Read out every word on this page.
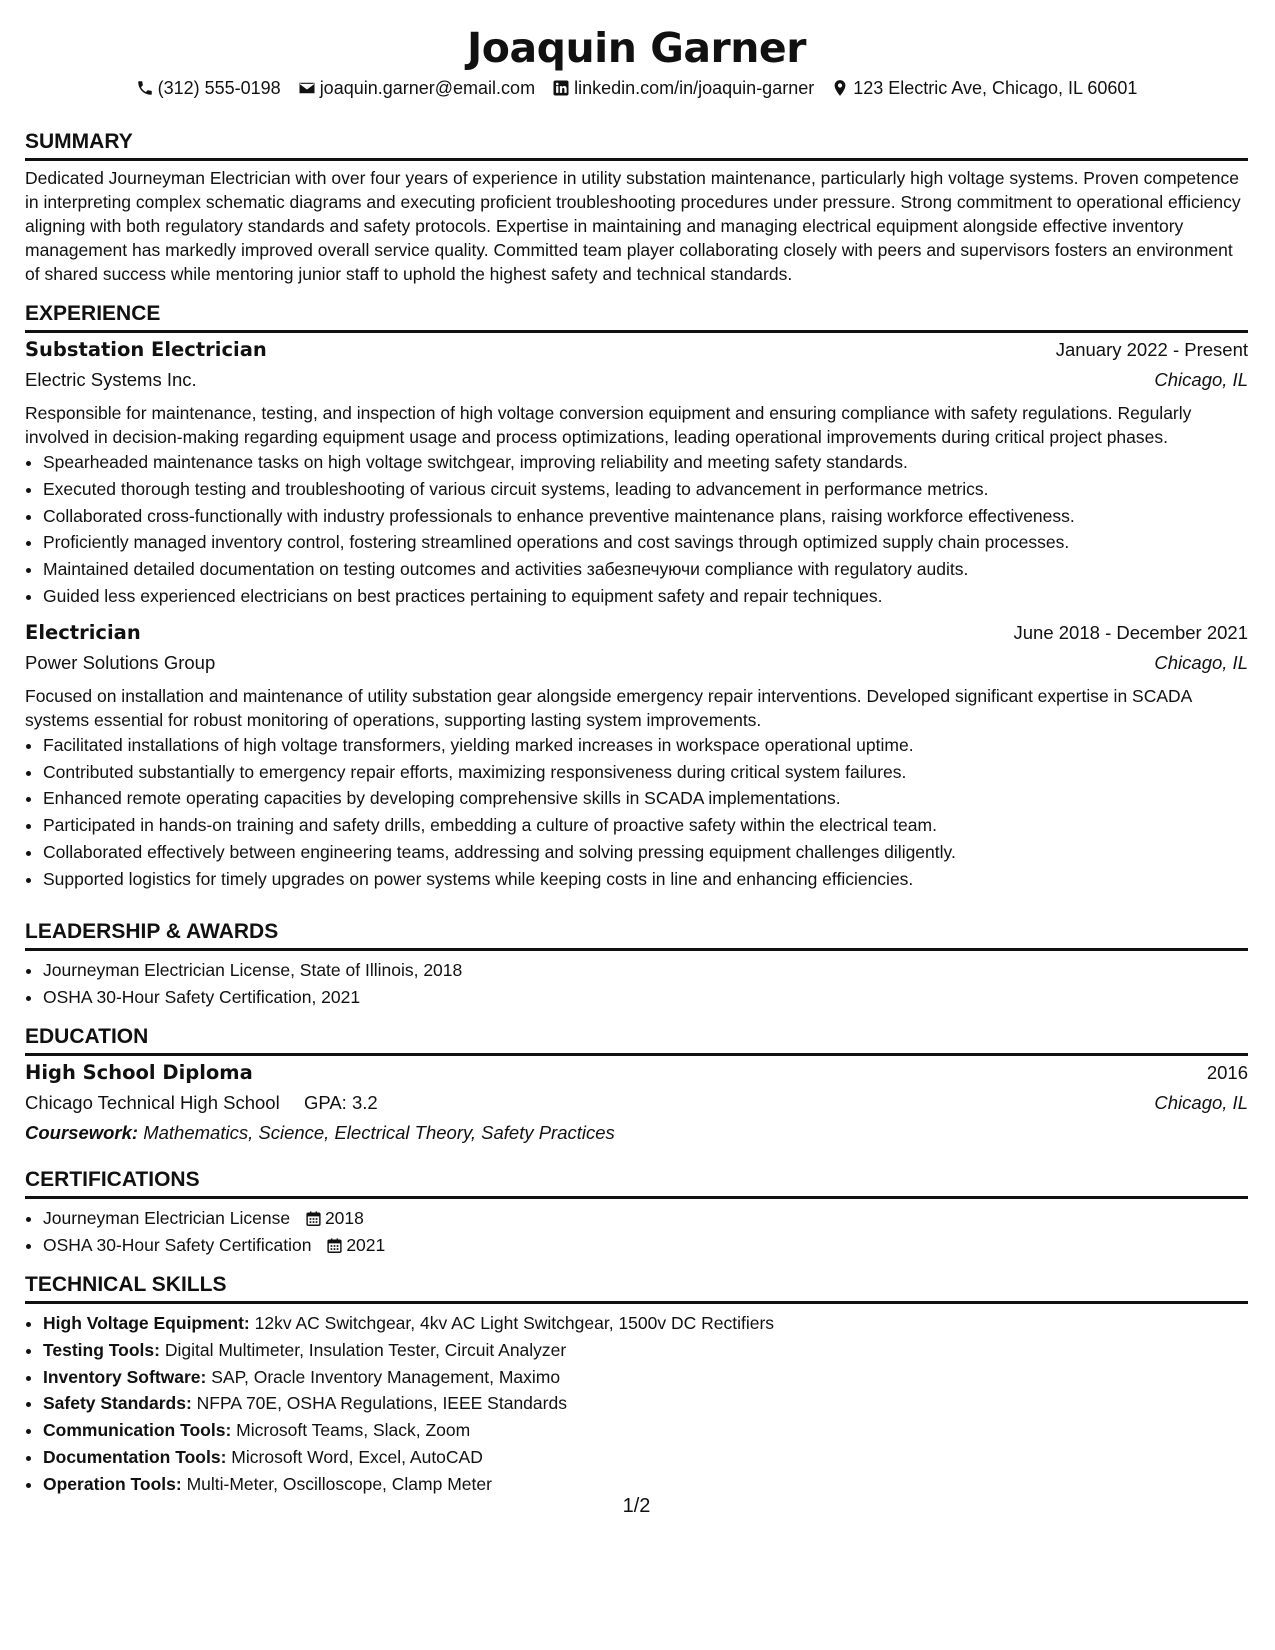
Joaquin Garner
(312) 555-0198 joaquin.garner@email.com linkedin.com/in/joaquin-garner 123 Electric Ave, Chicago, IL 60601
SUMMARY

Dedicated Journeyman Electrician with over four years of experience in utility substation maintenance, particularly high voltage systems. Proven competence in interpreting complex schematic diagrams and executing proficient troubleshooting procedures under pressure. Strong commitment to operational efficiency aligning with both regulatory standards and safety protocols. Expertise in maintaining and managing electrical equipment alongside effective inventory management has markedly improved overall service quality. Committed team player collaborating closely with peers and supervisors fosters an environment of shared success while mentoring junior staff to uphold the highest safety and technical standards.

EXPERIENCE
Substation Electrician	January 2022 - Present
Electric Systems Inc.	Chicago, IL

Responsible for maintenance, testing, and inspection of high voltage conversion equipment and ensuring compliance with safety regulations. Regularly involved in decision-making regarding equipment usage and process optimizations, leading operational improvements during critical project phases.

• Spearheaded maintenance tasks on high voltage switchgear, improving reliability and meeting safety standards.
• Executed thorough testing and troubleshooting of various circuit systems, leading to advancement in performance metrics.
• Collaborated cross-functionally with industry professionals to enhance preventive maintenance plans, raising workforce effectiveness.
• Proficiently managed inventory control, fostering streamlined operations and cost savings through optimized supply chain processes.
• Maintained detailed documentation on testing outcomes and activities забезпечуючи compliance with regulatory audits.
• Guided less experienced electricians on best practices pertaining to equipment safety and repair techniques.
Electrician	June 2018 - December 2021
Power Solutions Group	Chicago, IL

Focused on installation and maintenance of utility substation gear alongside emergency repair interventions. Developed significant expertise in SCADA systems essential for robust monitoring of operations, supporting lasting system improvements.

• Facilitated installations of high voltage transformers, yielding marked increases in workspace operational uptime.
• Contributed substantially to emergency repair efforts, maximizing responsiveness during critical system failures.
• Enhanced remote operating capacities by developing comprehensive skills in SCADA implementations.
• Participated in hands-on training and safety drills, embedding a culture of proactive safety within the electrical team.
• Collaborated effectively between engineering teams, addressing and solving pressing equipment challenges diligently.
• Supported logistics for timely upgrades on power systems while keeping costs in line and enhancing efficiencies.
LEADERSHIP & AWARDS
• Journeyman Electrician License, State of Illinois, 2018
• OSHA 30-Hour Safety Certification, 2021
EDUCATION
High School Diploma	2016
Chicago Technical High School GPA: 3.2	Chicago, IL
Coursework: Mathematics, Science, Electrical Theory, Safety Practices
CERTIFICATIONS
• Journeyman Electrician License 2018
• OSHA 30-Hour Safety Certification 2021
TECHNICAL SKILLS
• High Voltage Equipment: 12kv AC Switchgear, 4kv AC Light Switchgear, 1500v DC Rectifiers
• Testing Tools: Digital Multimeter, Insulation Tester, Circuit Analyzer
• Inventory Software: SAP, Oracle Inventory Management, Maximo
• Safety Standards: NFPA 70E, OSHA Regulations, IEEE Standards
• Communication Tools: Microsoft Teams, Slack, Zoom
• Documentation Tools: Microsoft Word, Excel, AutoCAD
• Operation Tools: Multi-Meter, Oscilloscope, Clamp Meter
1/2
